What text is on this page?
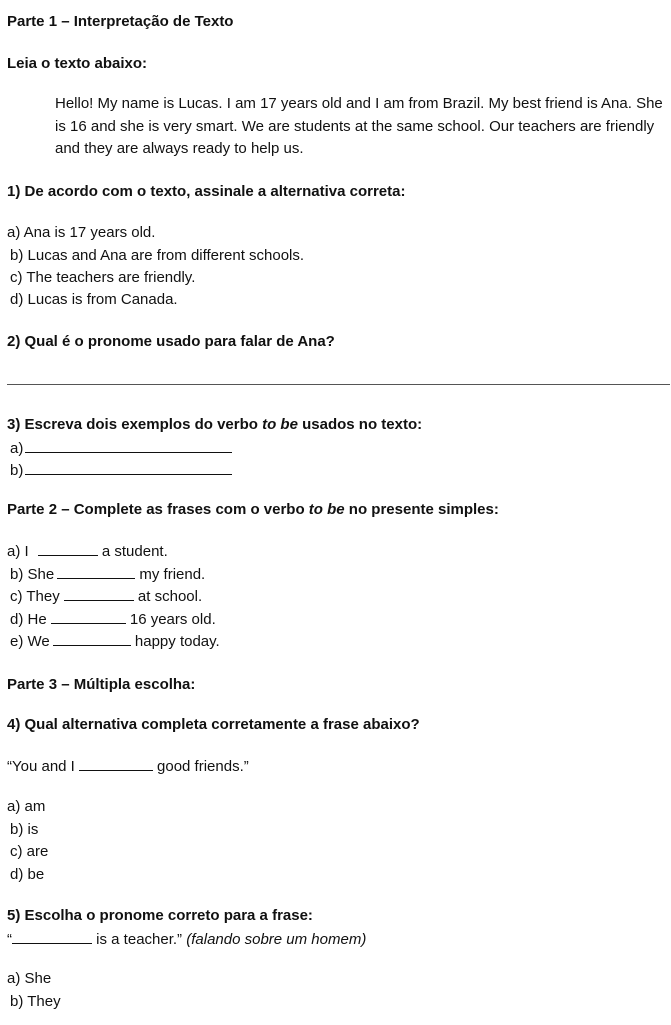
Parte 1 – Interpretação de Texto
Leia o texto abaixo:
Hello! My name is Lucas. I am 17 years old and I am from Brazil. My best friend is Ana. She is 16 and she is very smart. We are students at the same school. Our teachers are friendly and they are always ready to help us.
1) De acordo com o texto, assinale a alternativa correta:
a) Ana is 17 years old.
b) Lucas and Ana are from different schools.
c) The teachers are friendly.
d) Lucas is from Canada.
2) Qual é o pronome usado para falar de Ana?
3) Escreva dois exemplos do verbo to be usados no texto:
a)
b)
Parte 2 – Complete as frases com o verbo to be no presente simples:
a) I	a student.
b) She	my friend.
c) They	at school.
d) He	16 years old.
e) We	happy today.
Parte 3 – Múltipla escolha:
4) Qual alternativa completa corretamente a frase abaixo?
“You and I	good friends.”
a) am
b) is
c) are
d) be
5) Escolha o pronome correto para a frase:
“	is a teacher.” (falando sobre um homem)
a) She
b) They
